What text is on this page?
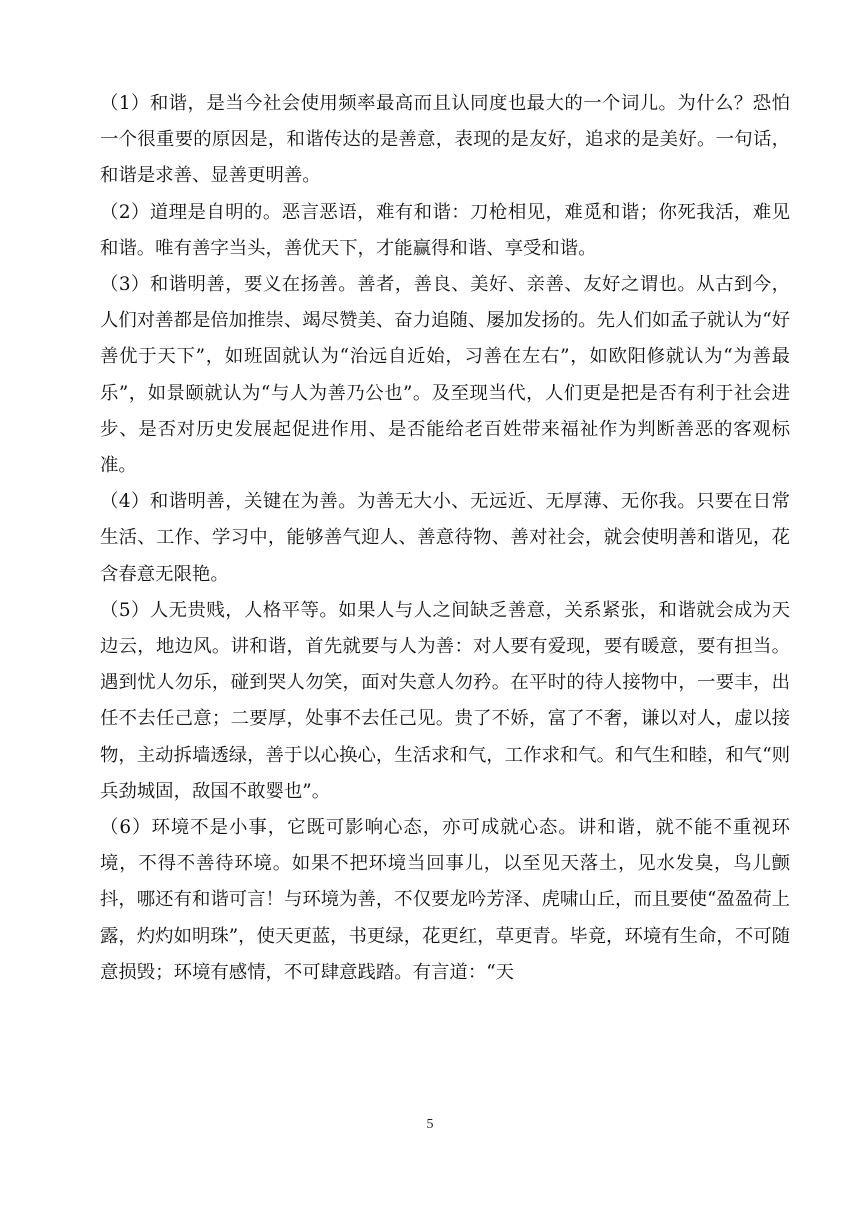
（1）和谐，是当今社会使用频率最高而且认同度也最大的一个词儿。为什么？恐怕一个很重要的原因是，和谐传达的是善意，表现的是友好，追求的是美好。一句话，和谐是求善、显善更明善。

（2）道理是自明的。恶言恶语，难有和谐：刀枪相见，难觅和谐；你死我活，难见和谐。唯有善字当头，善优天下，才能赢得和谐、享受和谐。

（3）和谐明善，要义在扬善。善者，善良、美好、亲善、友好之谓也。从古到今，人们对善都是倍加推崇、竭尽赞美、奋力追随、屡加发扬的。先人们如孟子就认为“好善优于天下”，如班固就认为“治远自近始，习善在左右”，如欧阳修就认为“为善最乐”，如景颐就认为“与人为善乃公也”。及至现当代，人们更是把是否有利于社会进步、是否对历史发展起促进作用、是否能给老百姓带来福祉作为判断善恶的客观标准。

（4）和谐明善，关键在为善。为善无大小、无远近、无厚薄、无你我。只要在日常生活、工作、学习中，能够善气迎人、善意待物、善对社会，就会使明善和谐见，花含春意无限艳。

（5）人无贵贱，人格平等。如果人与人之间缺乏善意，关系紧张，和谐就会成为天边云，地边风。讲和谐，首先就要与人为善：对人要有爱现，要有暖意，要有担当。遇到忧人勿乐，碰到哭人勿笑，面对失意人勿矜。在平时的待人接物中，一要丰，出任不去任己意；二要厚，处事不去任己见。贵了不娇，富了不奢，谦以对人，虚以接物，主动拆墙透绿，善于以心换心，生活求和气，工作求和气。和气生和睦，和气“则兵劲城固，敌国不敢婴也”。

（6）环境不是小事，它既可影响心态，亦可成就心态。讲和谐，就不能不重视环境，不得不善待环境。如果不把环境当回事儿，以至见天落土，见水发臭，鸟儿颤抖，哪还有和谐可言！与环境为善，不仅要龙吟芳泽、虎啸山丘，而且要使“盈盈荷上露，灼灼如明珠”，使天更蓝，书更绿，花更红，草更青。毕竟，环境有生命，不可随意损毁；环境有感情，不可肆意践踏。有言道：“天

5
